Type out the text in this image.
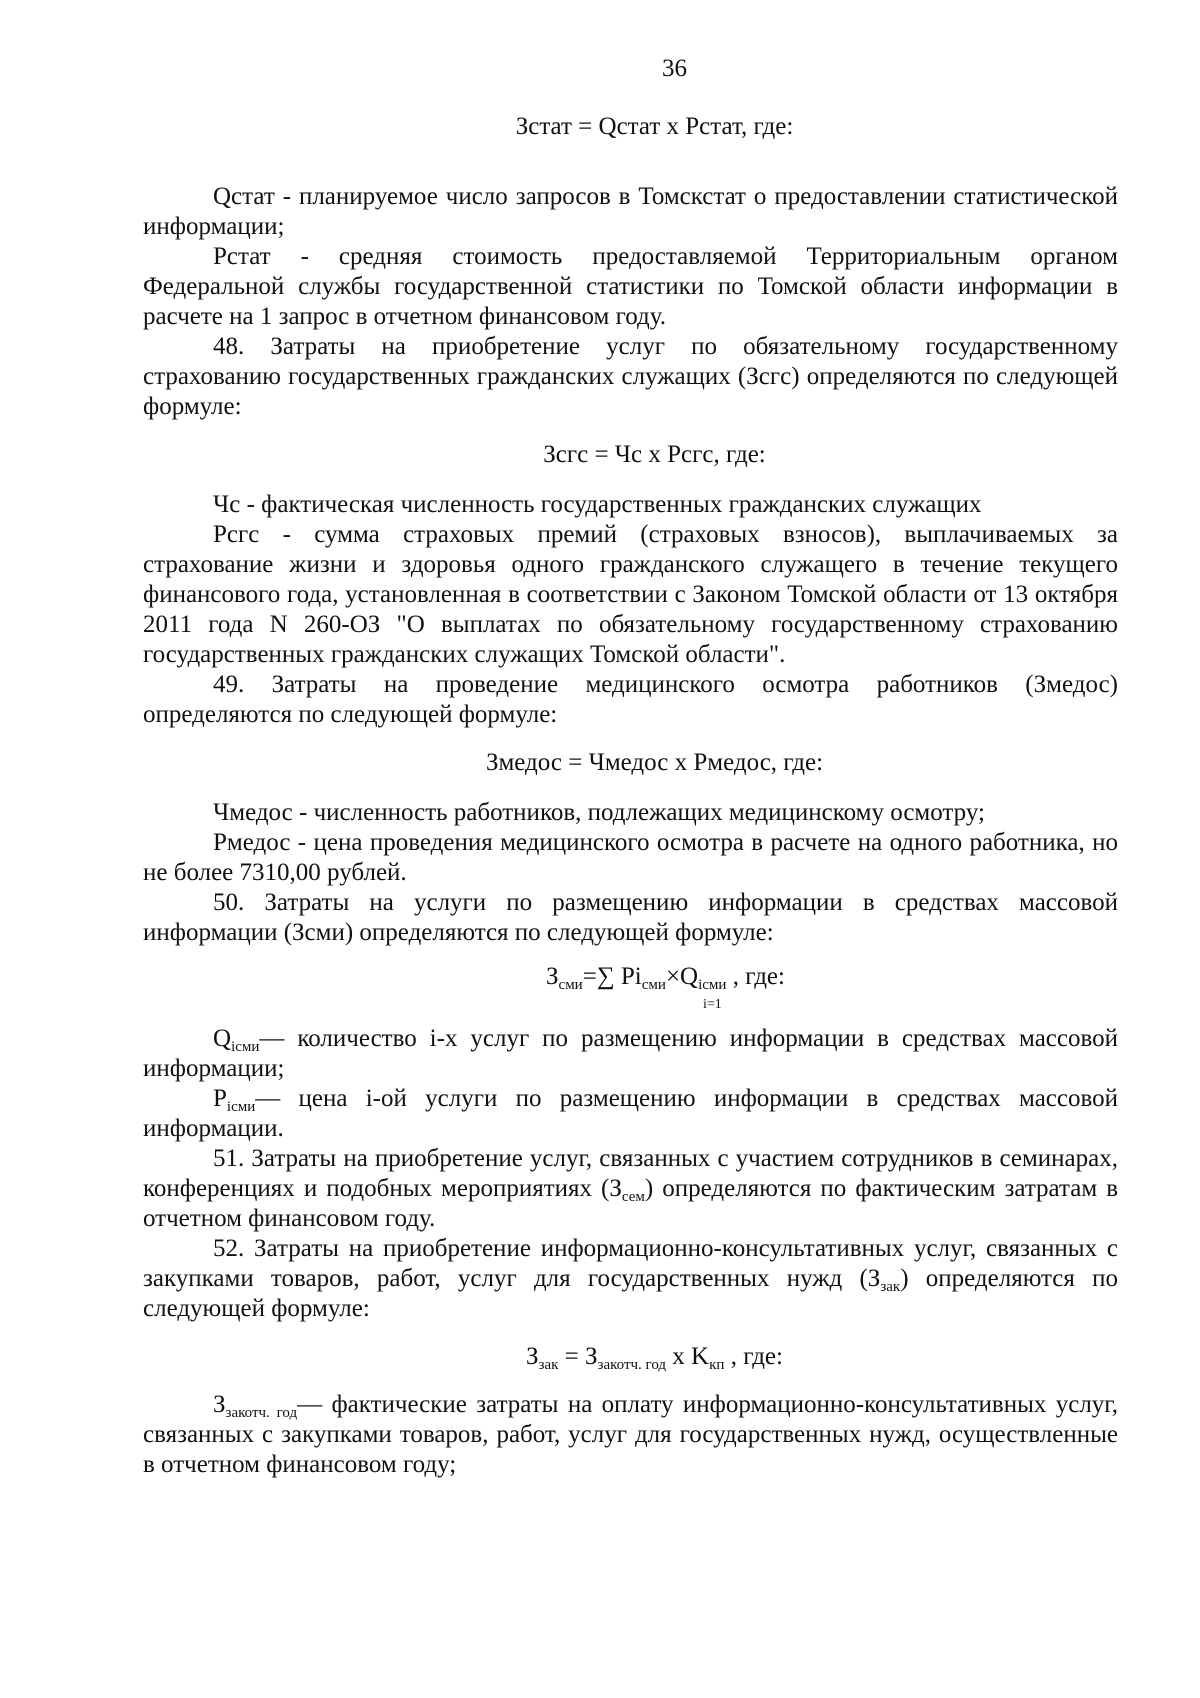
36
Зстат = Qстат x Pстат, где:
Qстат - планируемое число запросов в Томскстат о предоставлении статистической информации;
Pстат - средняя стоимость предоставляемой Территориальным органом Федеральной службы государственной статистики по Томской области информации в расчете на 1 запрос в отчетном финансовом году.
48. Затраты на приобретение услуг по обязательному государственному страхованию государственных гражданских служащих (Зсгс) определяются по следующей формуле:
Зсгс = Чс x Pсгс, где:
Чс - фактическая численность государственных гражданских служащих
Pсгс - сумма страховых премий (страховых взносов), выплачиваемых за страхование жизни и здоровья одного гражданского служащего в течение текущего финансового года, установленная в соответствии с Законом Томской области от 13 октября 2011 года N 260-ОЗ "О выплатах по обязательному государственному страхованию государственных гражданских служащих Томской области".
49. Затраты на проведение медицинского осмотра работников (Змедос) определяются по следующей формуле:
Змедос = Чмедос x Pмедос, где:
Чмедос - численность работников, подлежащих медицинскому осмотру;
Pмедос - цена проведения медицинского осмотра в расчете на одного работника, но не более 7310,00 рублей.
50. Затраты на услуги по размещению информации в средствах массовой информации (Зсми) определяются по следующей формуле:
$З_{сми}=\sum$ $Pi_{сми}\times Q_{iсми}$ , где:
i=1
$Q_{iсми}—$ количество i-х услуг по размещению информации в средствах массовой информации;
$P_{iсми}—$ цена i-ой услуги по размещению информации в средствах массовой информации.
51. Затраты на приобретение услуг, связанных с участием сотрудников в семинарах, конференциях и подобных мероприятиях $(З_{сем})$ определяются по фактическим затратам в отчетном финансовом году.
52. Затраты на приобретение информационно-консультативных услуг, связанных с закупками товаров, работ, услуг для государственных нужд $(З_{зак})$ определяются по следующей формуле:
$З_{зак} = З_{закотч. год}$ x $K_{кп}$ , где:
$З_{закотч. год}—$ фактические затраты на оплату информационно-консультативных услуг, связанных с закупками товаров, работ, услуг для государственных нужд, осуществленные в отчетном финансовом году;
